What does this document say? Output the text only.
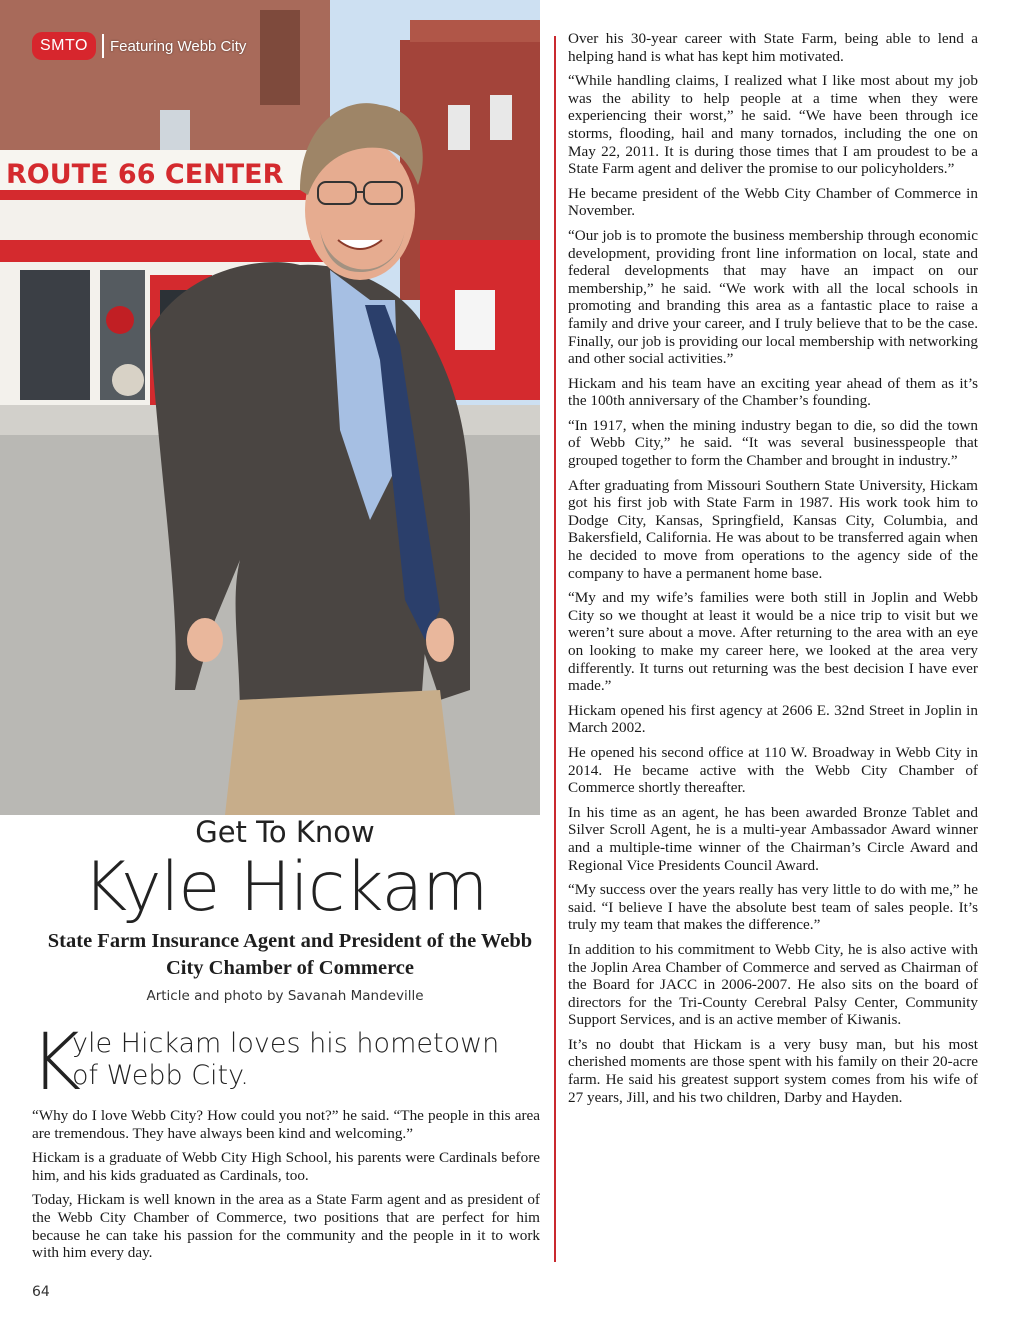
ROUTE 66 CENTER
SMTO	Featuring Webb City
Get To Know
Kyle Hickam
State Farm Insurance Agent and President of the Webb City Chamber of Commerce
Article and photo by Savanah Mandeville
K
yle Hickam loves his hometown
of Webb City.

“Why do I love Webb City? How could you not?” he said. “The people in this area are tremendous. They have always been kind and welcoming.”

Hickam is a graduate of Webb City High School, his parents were Cardinals before him, and his kids graduated as Cardinals, too.

Today, Hickam is well known in the area as a State Farm agent and as president of the Webb City Chamber of Commerce, two positions that are perfect for him because he can take his passion for the community and the people in it to work with him every day.

64

Over his 30-year career with State Farm, being able to lend a helping hand is what has kept him motivated.

“While handling claims, I realized what I like most about my job was the ability to help people at a time when they were experiencing their worst,” he said. “We have been through ice storms, flooding, hail and many tornados, including the one on May 22, 2011. It is during those times that I am proudest to be a State Farm agent and deliver the promise to our policyholders.”

He became president of the Webb City Chamber of Commerce in November.

“Our job is to promote the business membership through economic development, providing front line information on local, state and federal developments that may have an impact on our membership,” he said. “We work with all the local schools in promoting and branding this area as a fantastic place to raise a family and drive your career, and I truly believe that to be the case. Finally, our job is providing our local membership with networking and other social activities.”

Hickam and his team have an exciting year ahead of them as it’s the 100th anniversary of the Chamber’s founding.

“In 1917, when the mining industry began to die, so did the town of Webb City,” he said. “It was several businesspeople that grouped together to form the Chamber and brought in industry.”

After graduating from Missouri Southern State University, Hickam got his first job with State Farm in 1987. His work took him to Dodge City, Kansas, Springfield, Kansas City, Columbia, and Bakersfield, California. He was about to be transferred again when he decided to move from operations to the agency side of the company to have a permanent home base.

“My and my wife’s families were both still in Joplin and Webb City so we thought at least it would be a nice trip to visit but we weren’t sure about a move. After returning to the area with an eye on looking to make my career here, we looked at the area very differently. It turns out returning was the best decision I have ever made.”

Hickam opened his first agency at 2606 E. 32nd Street in Joplin in March 2002.

He opened his second office at 110 W. Broadway in Webb City in 2014. He became active with the Webb City Chamber of Commerce shortly thereafter.

In his time as an agent, he has been awarded Bronze Tablet and Silver Scroll Agent, he is a multi-year Ambassador Award winner and a multiple-time winner of the Chairman’s Circle Award and Regional Vice Presidents Council Award.

“My success over the years really has very little to do with me,” he said. “I believe I have the absolute best team of sales people. It’s truly my team that makes the difference.”

In addition to his commitment to Webb City, he is also active with the Joplin Area Chamber of Commerce and served as Chairman of the Board for JACC in 2006-2007. He also sits on the board of directors for the Tri-County Cerebral Palsy Center, Community Support Services, and is an active member of Kiwanis.

It’s no doubt that Hickam is a very busy man, but his most cherished moments are those spent with his family on their 20-acre farm. He said his greatest support system comes from his wife of 27 years, Jill, and his two children, Darby and Hayden.
